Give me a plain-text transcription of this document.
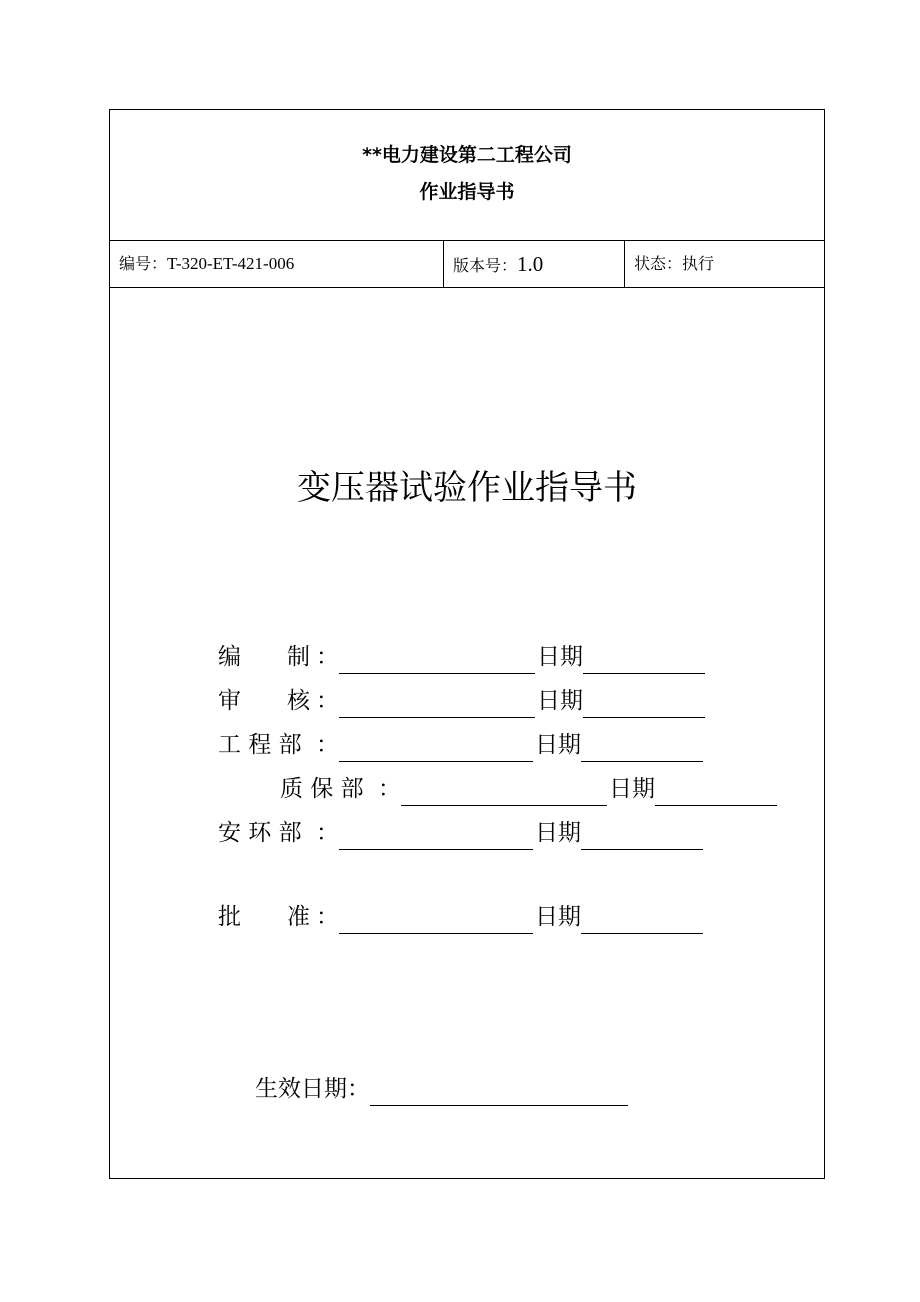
**电力建设第二工程公司
作业指导书
编号：T-320-ET-421-006	版本号：1.0	状态：执行
变压器试验作业指导书
编　　制 ：	日期
审　　核 ：	日期
工 程 部 ：	日期
质 保 部 ：	日期
安 环 部 ：	日期
批　　准 ：	日期
生效日期：
